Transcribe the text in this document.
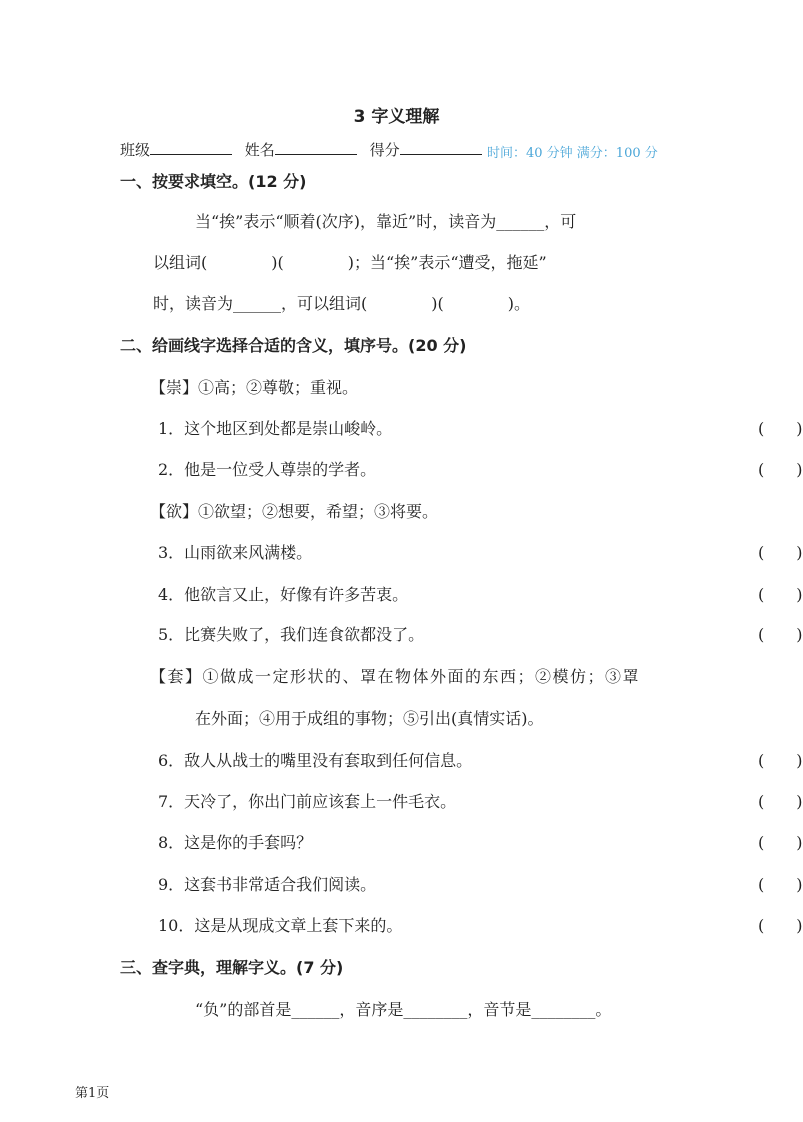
3 字义理解
班级	姓名	得分	时间：40 分钟 满分：100 分
一、按要求填空。(12 分)
当“挨”表示“顺着(次序)，靠近”时，读音为______，可
以组词(　　　　)(　　　　)；当“挨”表示“遭受，拖延”
时，读音为______，可以组词(　　　　)(　　　　)。
二、给画线字选择合适的含义，填序号。(20 分)
【崇】①高；②尊敬；重视。
1．这个地区到处都是崇山峻岭。	(　　)
2．他是一位受人尊崇的学者。	(　　)
【欲】①欲望；②想要，希望；③将要。
3．山雨欲来风满楼。	(　　)
4．他欲言又止，好像有许多苦衷。	(　　)
5．比赛失败了，我们连食欲都没了。	(　　)
【套】①做成一定形状的、罩在物体外面的东西；②模仿；③罩
在外面；④用于成组的事物；⑤引出(真情实话)。
6．敌人从战士的嘴里没有套取到任何信息。	(　　)
7．天冷了，你出门前应该套上一件毛衣。	(　　)
8．这是你的手套吗？	(　　)
9．这套书非常适合我们阅读。	(　　)
10．这是从现成文章上套下来的。	(　　)
三、查字典，理解字义。(7 分)
“负”的部首是______，音序是________，音节是________。
第1页
